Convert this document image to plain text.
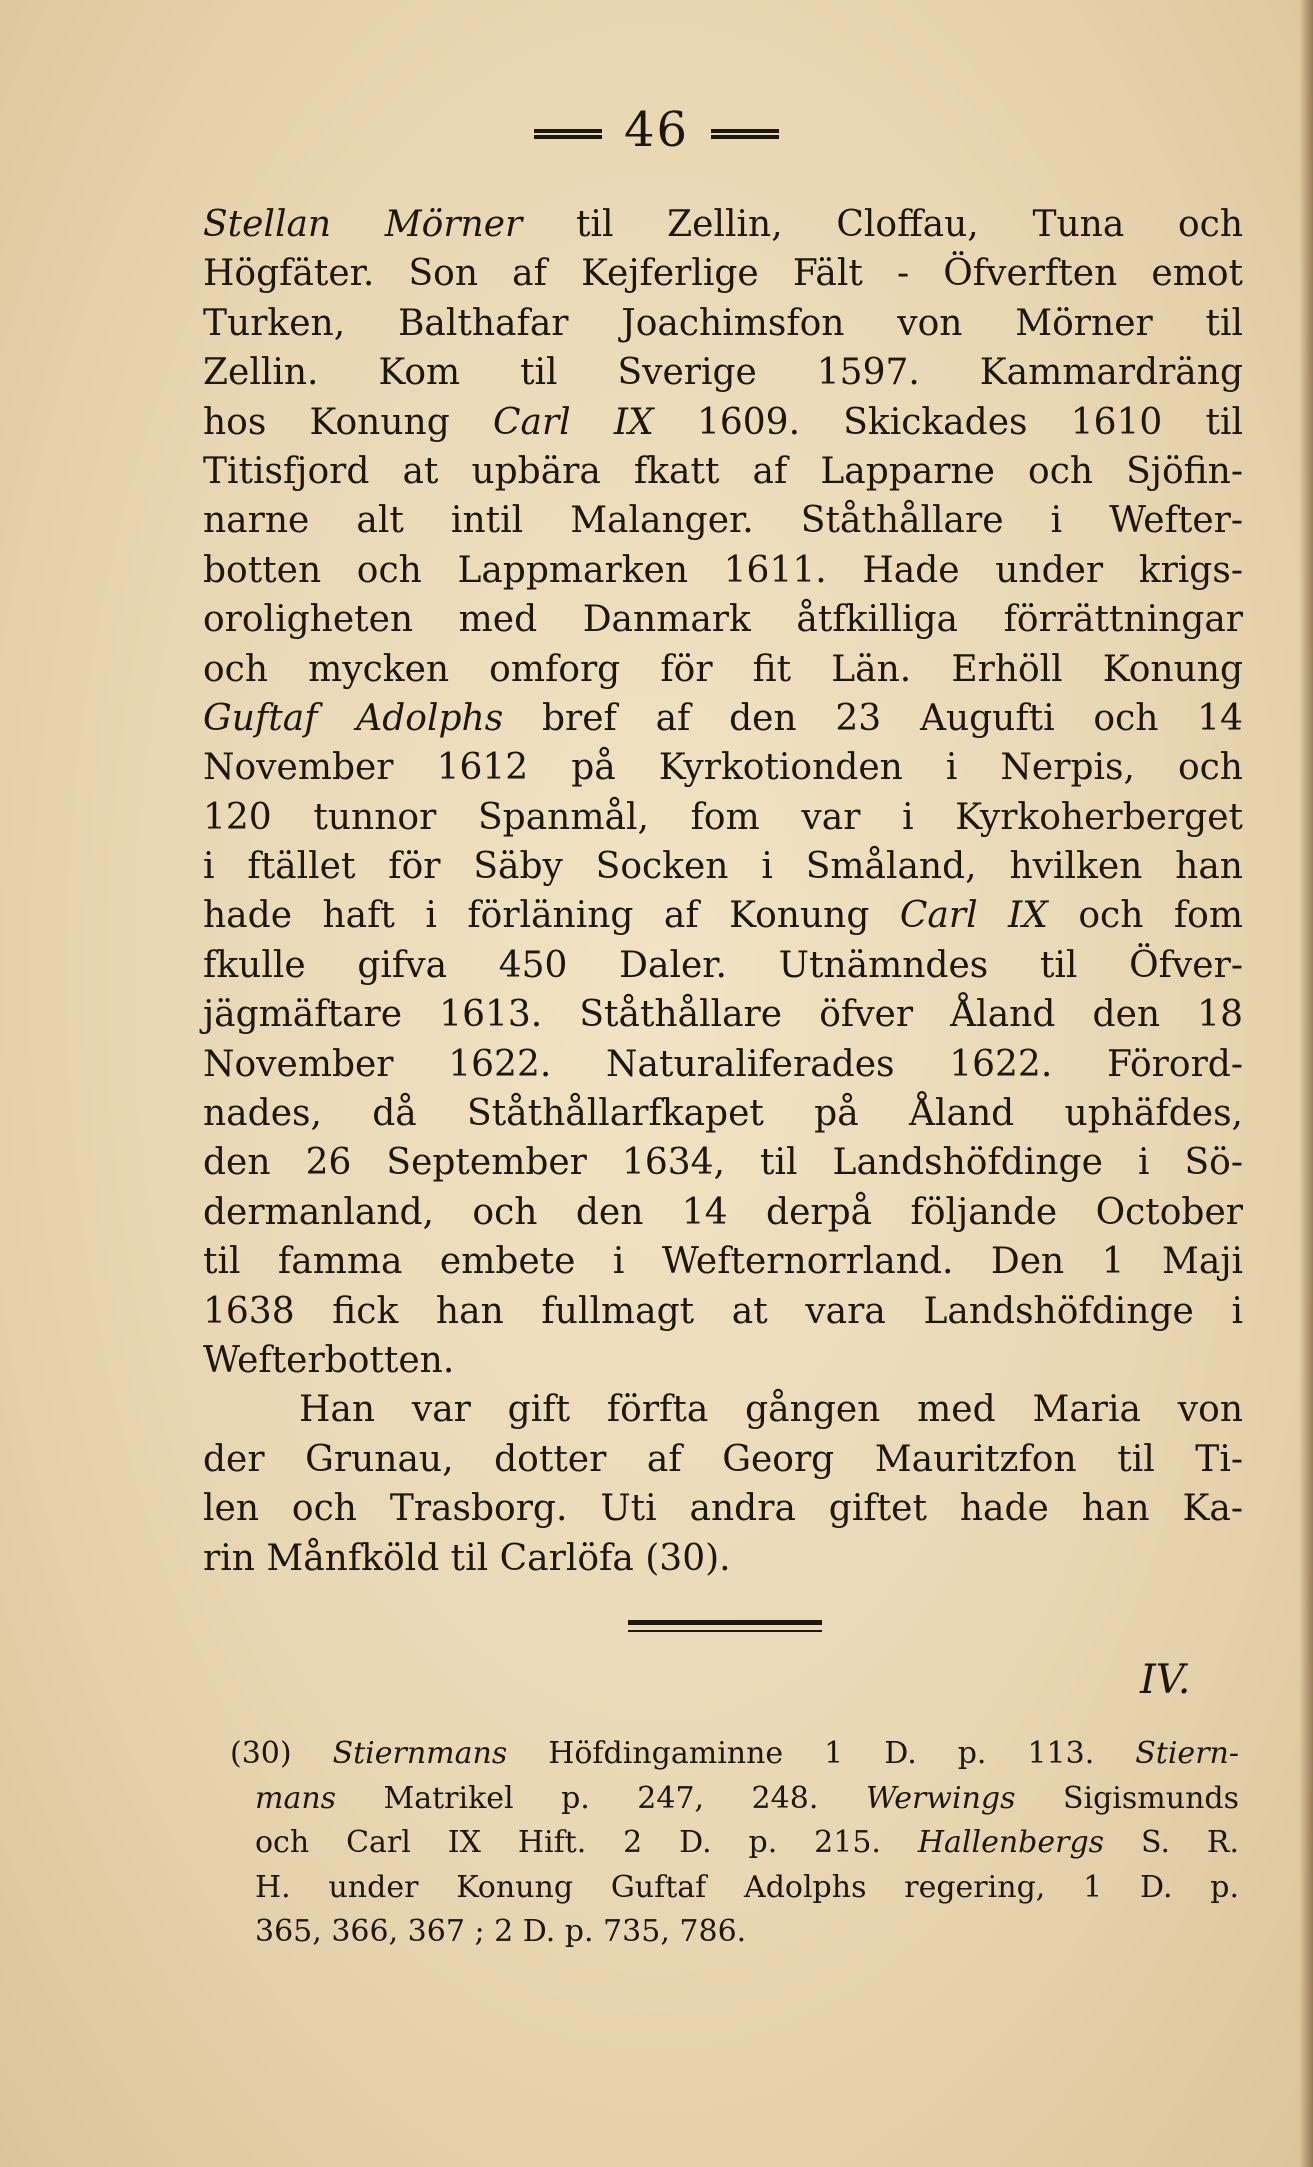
46
Stellan Mörner til Zellin, Cloffau, Tuna och
Högfäter. Son af Kejferlige Fält - Öfverften emot
Turken, Balthafar Joachimsfon von Mörner til
Zellin. Kom til Sverige 1597. Kammardräng
hos Konung Carl IX 1609. Skickades 1610 til
Titisfjord at upbära fkatt af Lapparne och Sjöfin-
narne alt intil Malanger. Ståthållare i Wefter-
botten och Lappmarken 1611. Hade under krigs-
oroligheten med Danmark åtfkilliga förrättningar
och mycken omforg för fit Län. Erhöll Konung
Guftaf Adolphs bref af den 23 Augufti och 14
November 1612 på Kyrkotionden i Nerpis, och
120 tunnor Spanmål, fom var i Kyrkoherberget
i ftället för Säby Socken i Småland, hvilken han
hade haft i förläning af Konung Carl IX och fom
fkulle gifva 450 Daler. Utnämndes til Öfver-
jägmäftare 1613. Ståthållare öfver Åland den 18
November 1622. Naturaliferades 1622. Förord-
nades, då Ståthållarfkapet på Åland uphäfdes,
den 26 September 1634, til Landshöfdinge i Sö-
dermanland, och den 14 derpå följande October
til famma embete i Wefternorrland. Den 1 Maji
1638 fick han fullmagt at vara Landshöfdinge i
Wefterbotten.
Han var gift förfta gången med Maria von
der Grunau, dotter af Georg Mauritzfon til Ti-
len och Trasborg. Uti andra giftet hade han Ka-
rin Månfköld til Carlöfa (30).
IV.
(30) Stiernmans Höfdingaminne 1 D. p. 113. Stiern-
mans Matrikel p. 247, 248. Werwings Sigismunds
och Carl IX Hift. 2 D. p. 215. Hallenbergs S. R.
H. under Konung Guftaf Adolphs regering, 1 D. p.
365, 366, 367 ; 2 D. p. 735, 786.
